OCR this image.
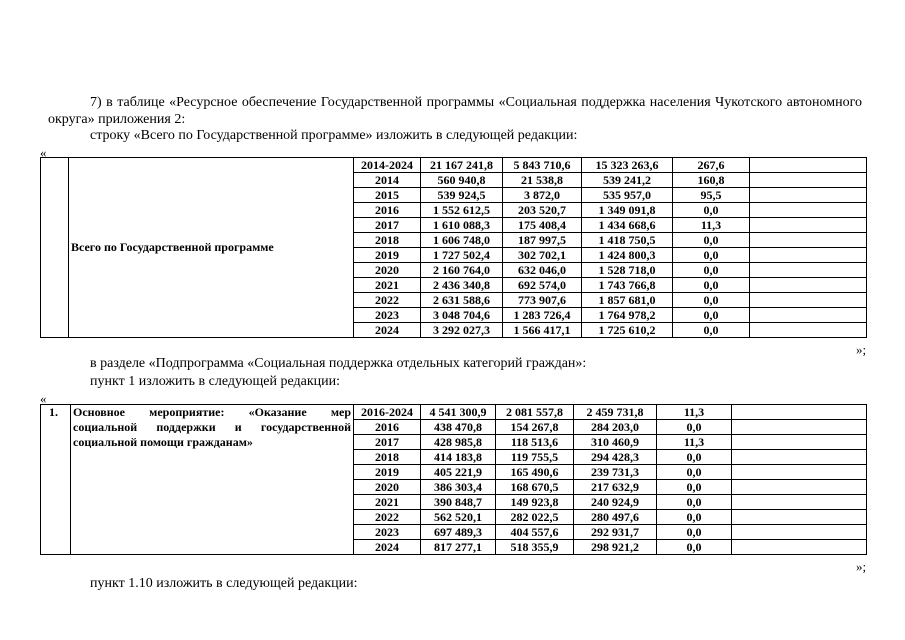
7) в таблице «Ресурсное обеспечение Государственной программы «Социальная поддержка населения Чукотского автономного округа» приложения 2:

строку «Всего по Государственной программе» изложить в следующей редакции:

«
	Всего по Государственной программе	2014-2024	21 167 241,8	5 843 710,6	15 323 263,6	267,6	
		2014	560 940,8	21 538,8	539 241,2	160,8	
		2015	539 924,5	3 872,0	535 957,0	95,5	
		2016	1 552 612,5	203 520,7	1 349 091,8	0,0	
		2017	1 610 088,3	175 408,4	1 434 668,6	11,3	
		2018	1 606 748,0	187 997,5	1 418 750,5	0,0	
		2019	1 727 502,4	302 702,1	1 424 800,3	0,0	
		2020	2 160 764,0	632 046,0	1 528 718,0	0,0	
		2021	2 436 340,8	692 574,0	1 743 766,8	0,0	
		2022	2 631 588,6	773 907,6	1 857 681,0	0,0	
		2023	3 048 704,6	1 283 726,4	1 764 978,2	0,0	
		2024	3 292 027,3	1 566 417,1	1 725 610,2	0,0	
»;

в разделе «Подпрограмма «Социальная поддержка отдельных категорий граждан»:

пункт 1 изложить в следующей редакции:

«
1.	Основное мероприятие: «Оказание мер социальной поддержки и государственной социальной помощи гражданам»	2016-2024	4 541 300,9	2 081 557,8	2 459 731,8	11,3	
		2016	438 470,8	154 267,8	284 203,0	0,0	
		2017	428 985,8	118 513,6	310 460,9	11,3	
		2018	414 183,8	119 755,5	294 428,3	0,0	
		2019	405 221,9	165 490,6	239 731,3	0,0	
		2020	386 303,4	168 670,5	217 632,9	0,0	
		2021	390 848,7	149 923,8	240 924,9	0,0	
		2022	562 520,1	282 022,5	280 497,6	0,0	
		2023	697 489,3	404 557,6	292 931,7	0,0	
		2024	817 277,1	518 355,9	298 921,2	0,0	
»;

пункт 1.10 изложить в следующей редакции:
